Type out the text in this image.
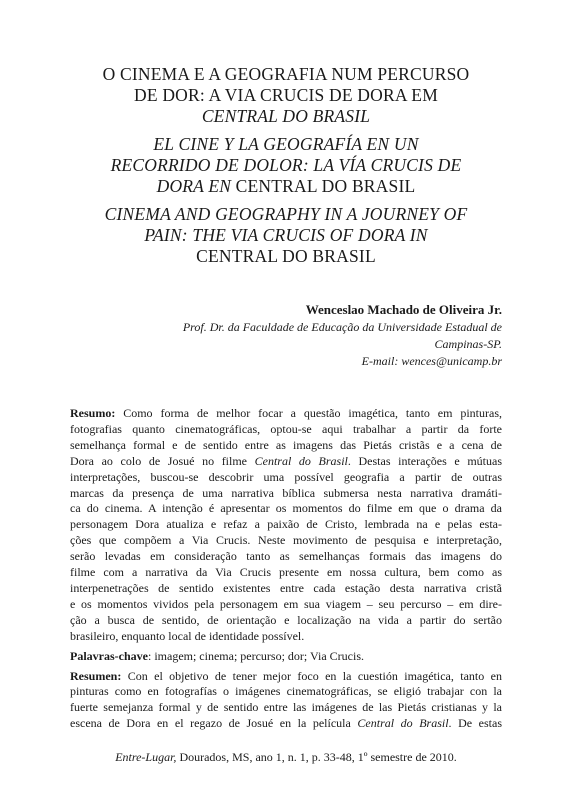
O CINEMA E A GEOGRAFIA NUM PERCURSO
DE DOR: A VIA CRUCIS DE DORA EM
CENTRAL DO BRASIL
EL CINE Y LA GEOGRAFÍA EN UN
RECORRIDO DE DOLOR: LA VÍA CRUCIS DE
DORA EN CENTRAL DO BRASIL
CINEMA AND GEOGRAPHY IN A JOURNEY OF
PAIN: THE VIA CRUCIS OF DORA IN
CENTRAL DO BRASIL
Wenceslao Machado de Oliveira Jr.
Prof. Dr. da Faculdade de Educação da Universidade Estadual de
Campinas-SP.
E-mail: wences@unicamp.br
Resumo: Como forma de melhor focar a questão imagética, tanto em pinturas,
fotografias quanto cinematográficas, optou-se aqui trabalhar a partir da forte
semelhança formal e de sentido entre as imagens das Pietás cristãs e a cena de
Dora ao colo de Josué no filme Central do Brasil. Destas interações e mútuas
interpretações, buscou-se descobrir uma possível geografia a partir de outras
marcas da presença de uma narrativa bíblica submersa nesta narrativa dramáti-
ca do cinema. A intenção é apresentar os momentos do filme em que o drama da
personagem Dora atualiza e refaz a paixão de Cristo, lembrada na e pelas esta-
ções que compõem a Via Crucis. Neste movimento de pesquisa e interpretação,
serão levadas em consideração tanto as semelhanças formais das imagens do
filme com a narrativa da Via Crucis presente em nossa cultura, bem como as
interpenetrações de sentido existentes entre cada estação desta narrativa cristã
e os momentos vividos pela personagem em sua viagem – seu percurso – em dire-
ção a busca de sentido, de orientação e localização na vida a partir do sertão
brasileiro, enquanto local de identidade possível.
Palavras-chave: imagem; cinema; percurso; dor; Via Crucis.
Resumen: Con el objetivo de tener mejor foco en la cuestión imagética, tanto en
pinturas como en fotografías o imágenes cinematográficas, se eligió trabajar con la
fuerte semejanza formal y de sentido entre las imágenes de las Pietás cristianas y la
escena de Dora en el regazo de Josué en la película Central do Brasil. De estas
Entre-Lugar, Dourados, MS, ano 1, n. 1, p. 33-48, 1º semestre de 2010.
